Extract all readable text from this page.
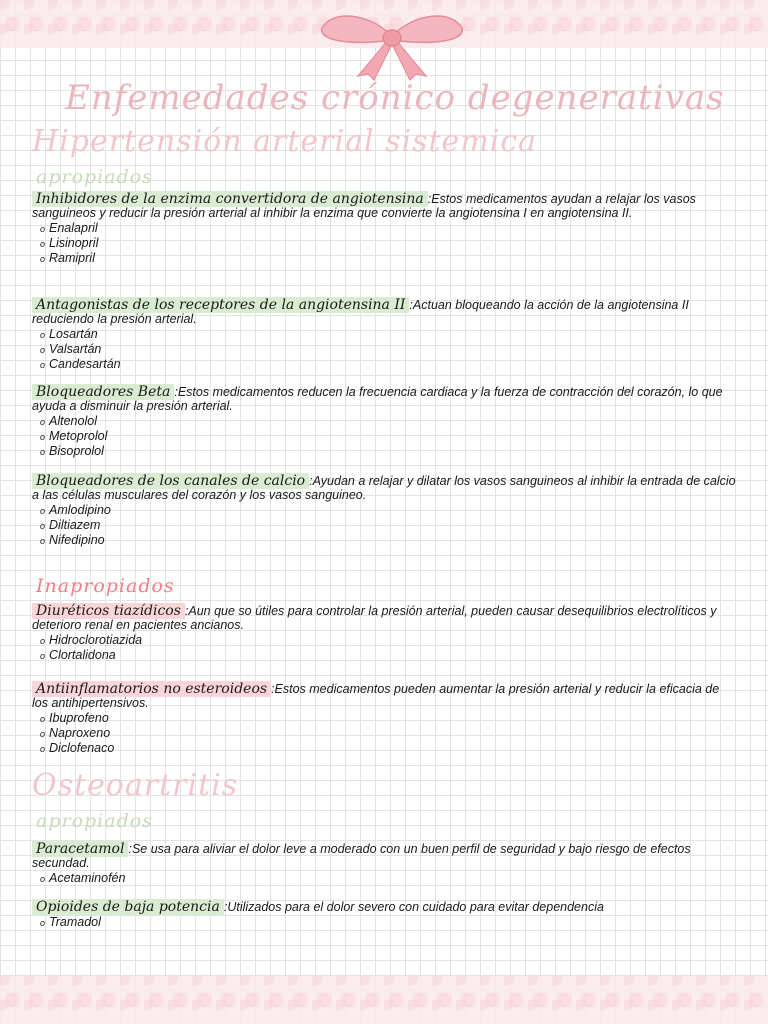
Enfemedades crónico degenerativas
Hipertensión arterial sistemica
apropiados

Inhibidores de la enzima convertidora de angiotensina :Estos medicamentos ayudan a relajar los vasos sanguineos y reducir la presión arterial al inhibir la enzima que convierte la angiotensina I en angiotensina II.

o Enalapril
o Lisinopril
o Ramipril

Antagonistas de los receptores de la angiotensina II :Actuan bloqueando la acción de la angiotensina II reduciendo la presión arterial.

o Losartán
o Valsartán
o Candesartán

Bloqueadores Beta :Estos medicamentos reducen la frecuencia cardiaca y la fuerza de contracción del corazón, lo que ayuda a disminuir la presión arterial.

o Altenolol
o Metoprolol
o Bisoprolol

Bloqueadores de los canales de calcio :Ayudan a relajar y dilatar los vasos sanguineos al inhibir la entrada de calcio a las células musculares del corazón y los vasos sanguineo.

o Amlodipino
o Diltiazem
o Nifedipino
Inapropiados

Diuréticos tiazídicos :Aun que so útiles para controlar la presión arterial, pueden causar desequilibrios electrolíticos y deterioro renal en pacientes ancianos.

o Hidroclorotiazida
o Clortalidona

Antiinflamatorios no esteroideos :Estos medicamentos pueden aumentar la presión arterial y reducir la eficacia de los antihipertensivos.

o Ibuprofeno
o Naproxeno
o Diclofenaco
Osteoartritis
apropiados

Paracetamol :Se usa para aliviar el dolor leve a moderado con un buen perfil de seguridad y bajo riesgo de efectos secundad.

o Acetaminofén

Opioides de baja potencia :Utilizados para el dolor severo con cuidado para evitar dependencia

o Tramadol
